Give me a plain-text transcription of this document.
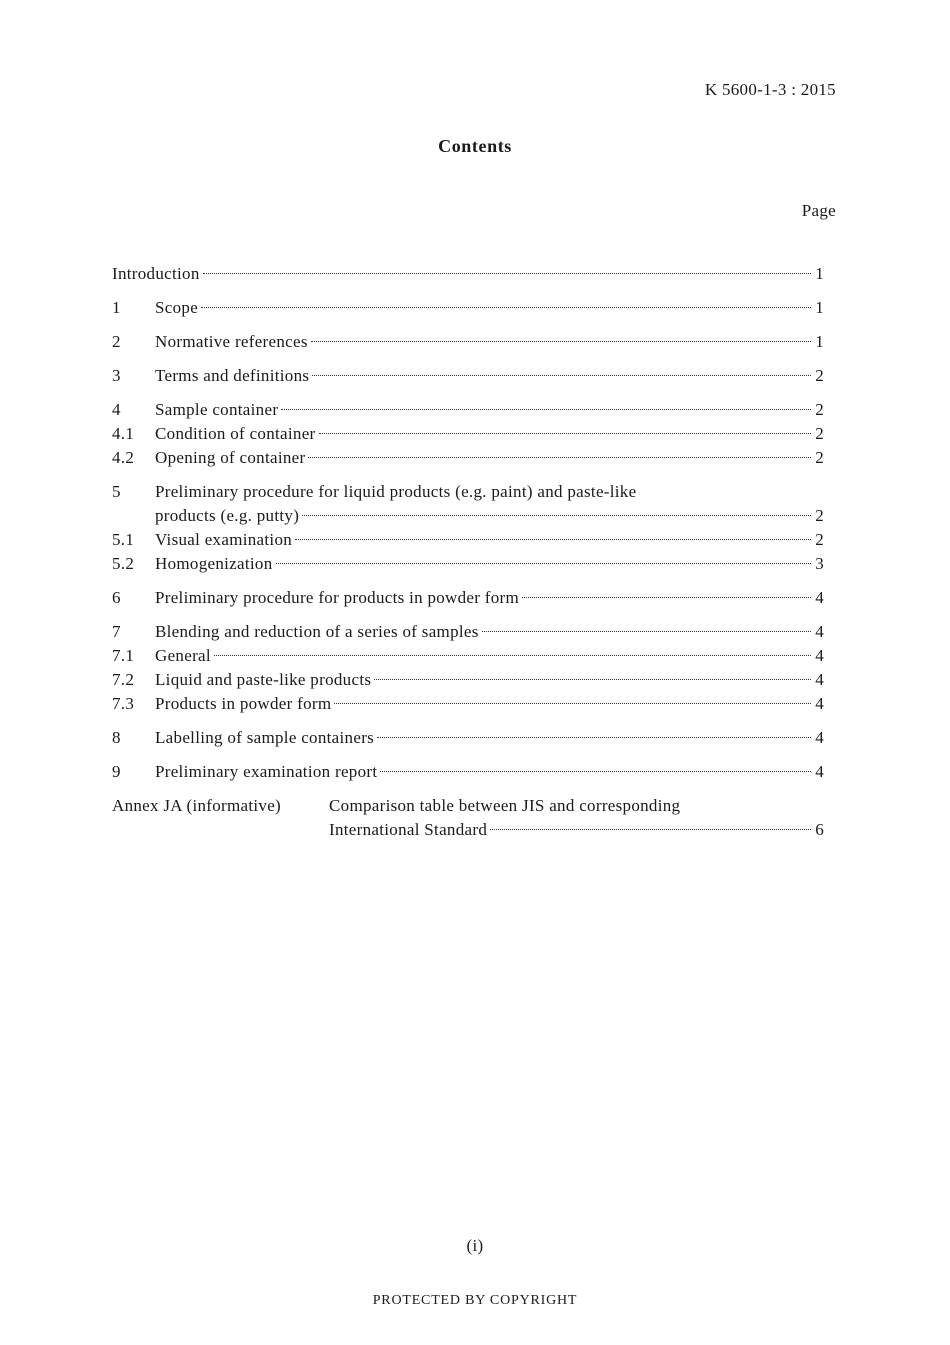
K 5600-1-3 : 2015
Contents
Page
Introduction	1
1	Scope	1
2	Normative references	1
3	Terms and definitions	2
4	Sample container	2
4.1	Condition of container	2
4.2	Opening of container	2
5	Preliminary procedure for liquid products (e.g. paint) and paste-like
products (e.g. putty)	2
5.1	Visual examination	2
5.2	Homogenization	3
6	Preliminary procedure for products in powder form	4
7	Blending and reduction of a series of samples	4
7.1	General	4
7.2	Liquid and paste-like products	4
7.3	Products in powder form	4
8	Labelling of sample containers	4
9	Preliminary examination report	4
Annex JA (informative)	Comparison table between JIS and corresponding
International Standard	6
(i)
PROTECTED BY COPYRIGHT
